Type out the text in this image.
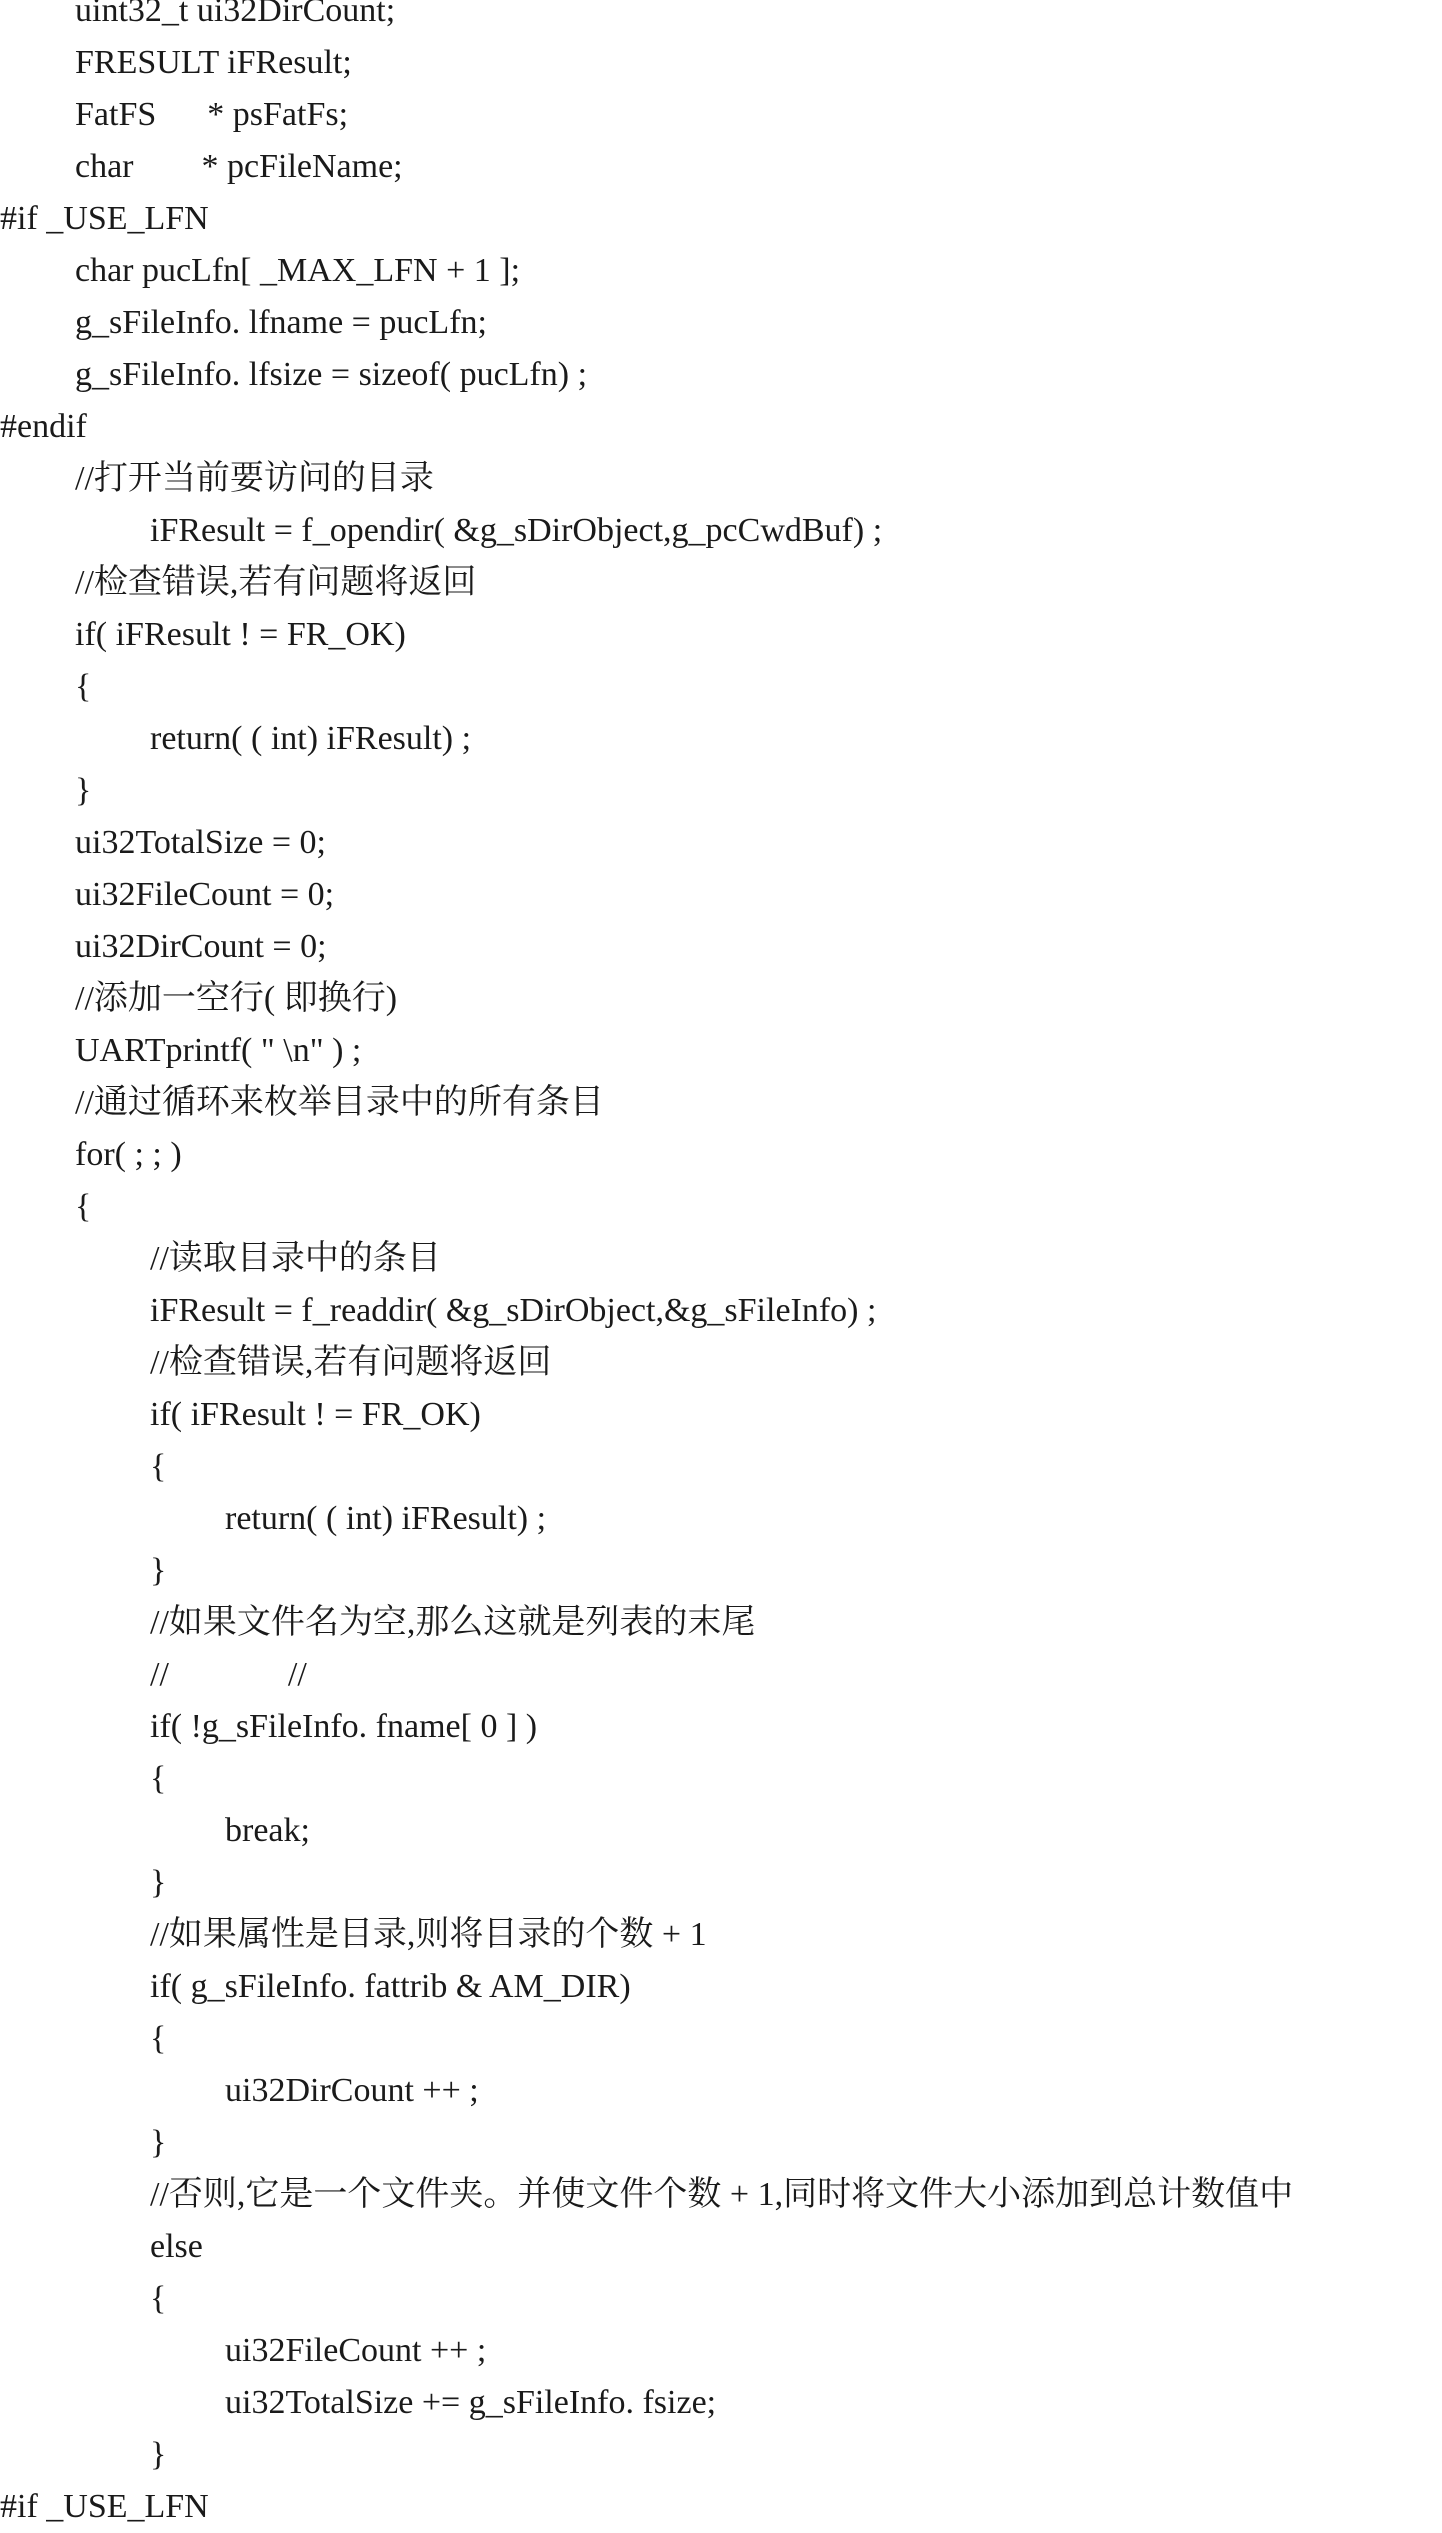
uint32_t ui32DirCount;
FRESULT iFResult;
FatFS      * psFatFs;
char        * pcFileName;
#if _USE_LFN
char pucLfn[ _MAX_LFN + 1 ];
g_sFileInfo. lfname = pucLfn;
g_sFileInfo. lfsize = sizeof( pucLfn) ;
#endif
//打开当前要访问的目录
iFResult = f_opendir( &g_sDirObject,g_pcCwdBuf) ;
//检查错误,若有问题将返回
if( iFResult ! = FR_OK)
{
return( ( int) iFResult) ;
}
ui32TotalSize = 0;
ui32FileCount = 0;
ui32DirCount = 0;
//添加一空行( 即换行)
UARTprintf( " \n" ) ;
//通过循环来枚举目录中的所有条目
for( ; ; )
{
//读取目录中的条目
iFResult = f_readdir( &g_sDirObject,&g_sFileInfo) ;
//检查错误,若有问题将返回
if( iFResult ! = FR_OK)
{
return( ( int) iFResult) ;
}
//如果文件名为空,那么这就是列表的末尾
//              //
if( !g_sFileInfo. fname[ 0 ] )
{
break;
}
//如果属性是目录,则将目录的个数 + 1
if( g_sFileInfo. fattrib & AM_DIR)
{
ui32DirCount ++ ;
}
//否则,它是一个文件夹。并使文件个数 + 1,同时将文件大小添加到总计数值中
else
{
ui32FileCount ++ ;
ui32TotalSize += g_sFileInfo. fsize;
}
#if _USE_LFN
